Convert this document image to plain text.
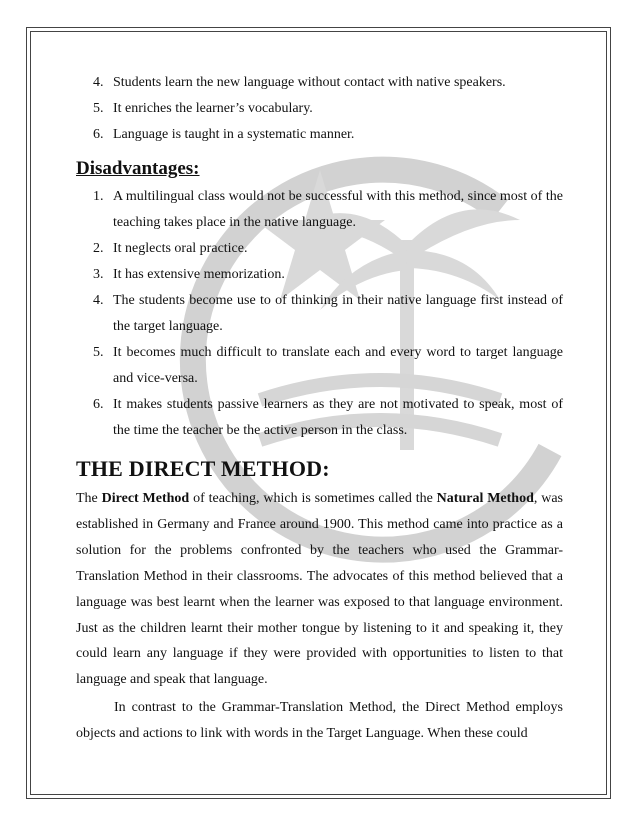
4. Students learn the new language without contact with native speakers.
5. It enriches the learner’s vocabulary.
6. Language is taught in a systematic manner.
Disadvantages:
1. A multilingual class would not be successful with this method, since most of the teaching takes place in the native language.
2. It neglects oral practice.
3. It has extensive memorization.
4. The students become use to of thinking in their native language first instead of the target language.
5. It becomes much difficult to translate each and every word to target language and vice-versa.
6. It makes students passive learners as they are not motivated to speak, most of the time the teacher be the active person in the class.
THE DIRECT METHOD:

The Direct Method of teaching, which is sometimes called the Natural Method, was established in Germany and France around 1900. This method came into practice as a solution for the problems confronted by the teachers who used the Grammar-Translation Method in their classrooms. The advocates of this method believed that a language was best learnt when the learner was exposed to that language environment. Just as the children learnt their mother tongue by listening to it and speaking it, they could learn any language if they were provided with opportunities to listen to that language and speak that language.

In contrast to the Grammar-Translation Method, the Direct Method employs objects and actions to link with words in the Target Language. When these could
